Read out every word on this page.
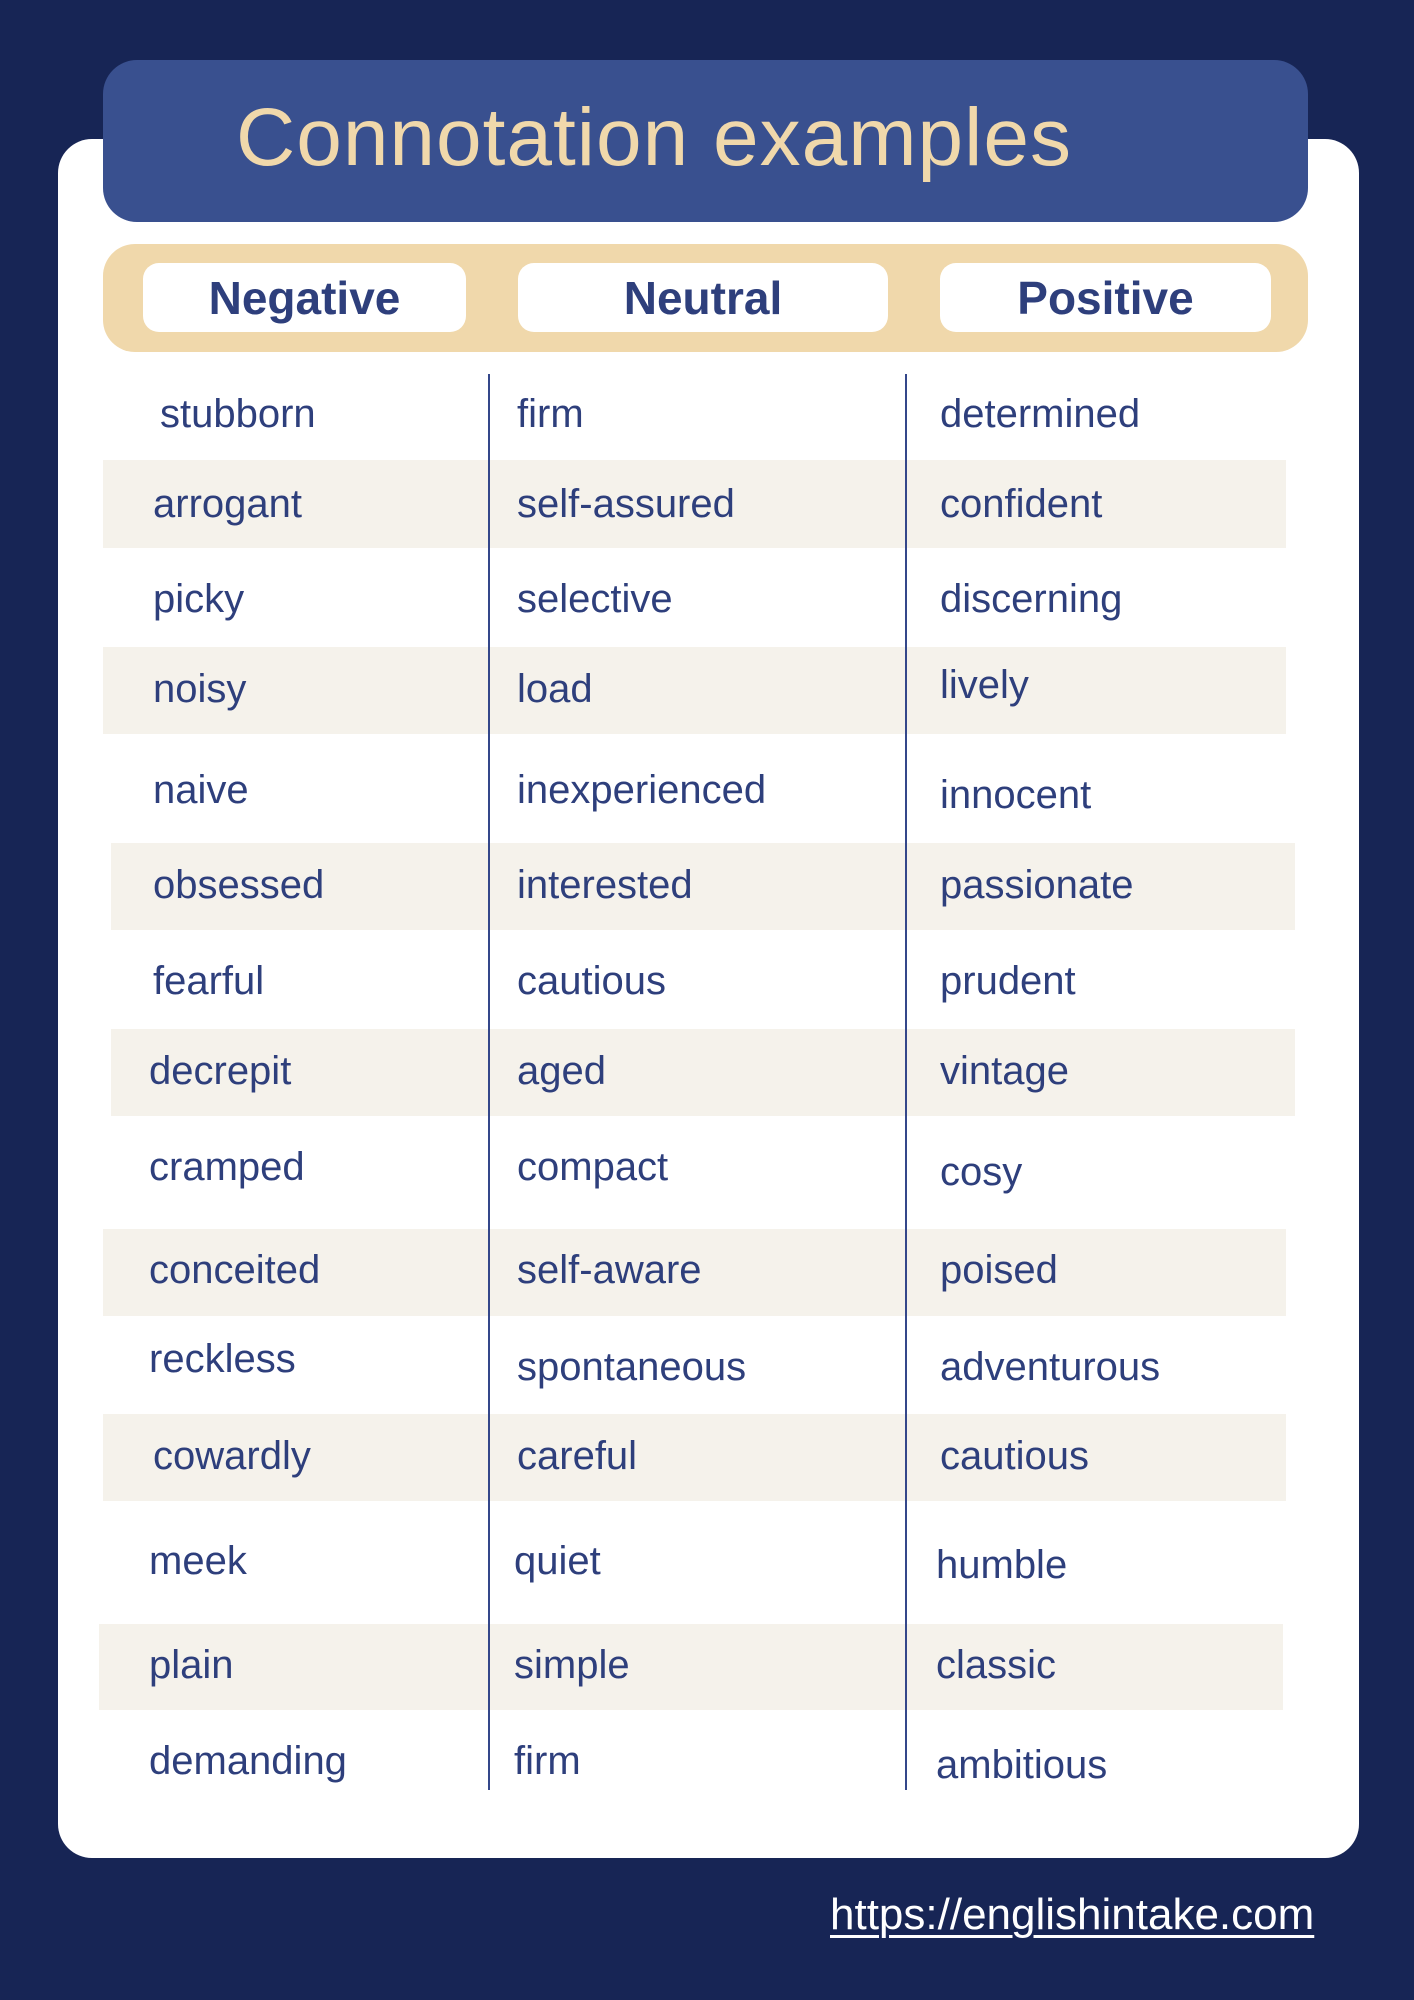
Connotation examples
Negative	Neutral	Positive
stubborn	firm	determined
arrogant	self-assured	confident
picky	selective	discerning
noisy	load	lively
naive	inexperienced	innocent
obsessed	interested	passionate
fearful	cautious	prudent
decrepit	aged	vintage
cramped	compact	cosy
conceited	self-aware	poised
reckless	spontaneous	adventurous
cowardly	careful	cautious
meek	quiet	humble
plain	simple	classic
demanding	firm	ambitious
https://englishintake.com
